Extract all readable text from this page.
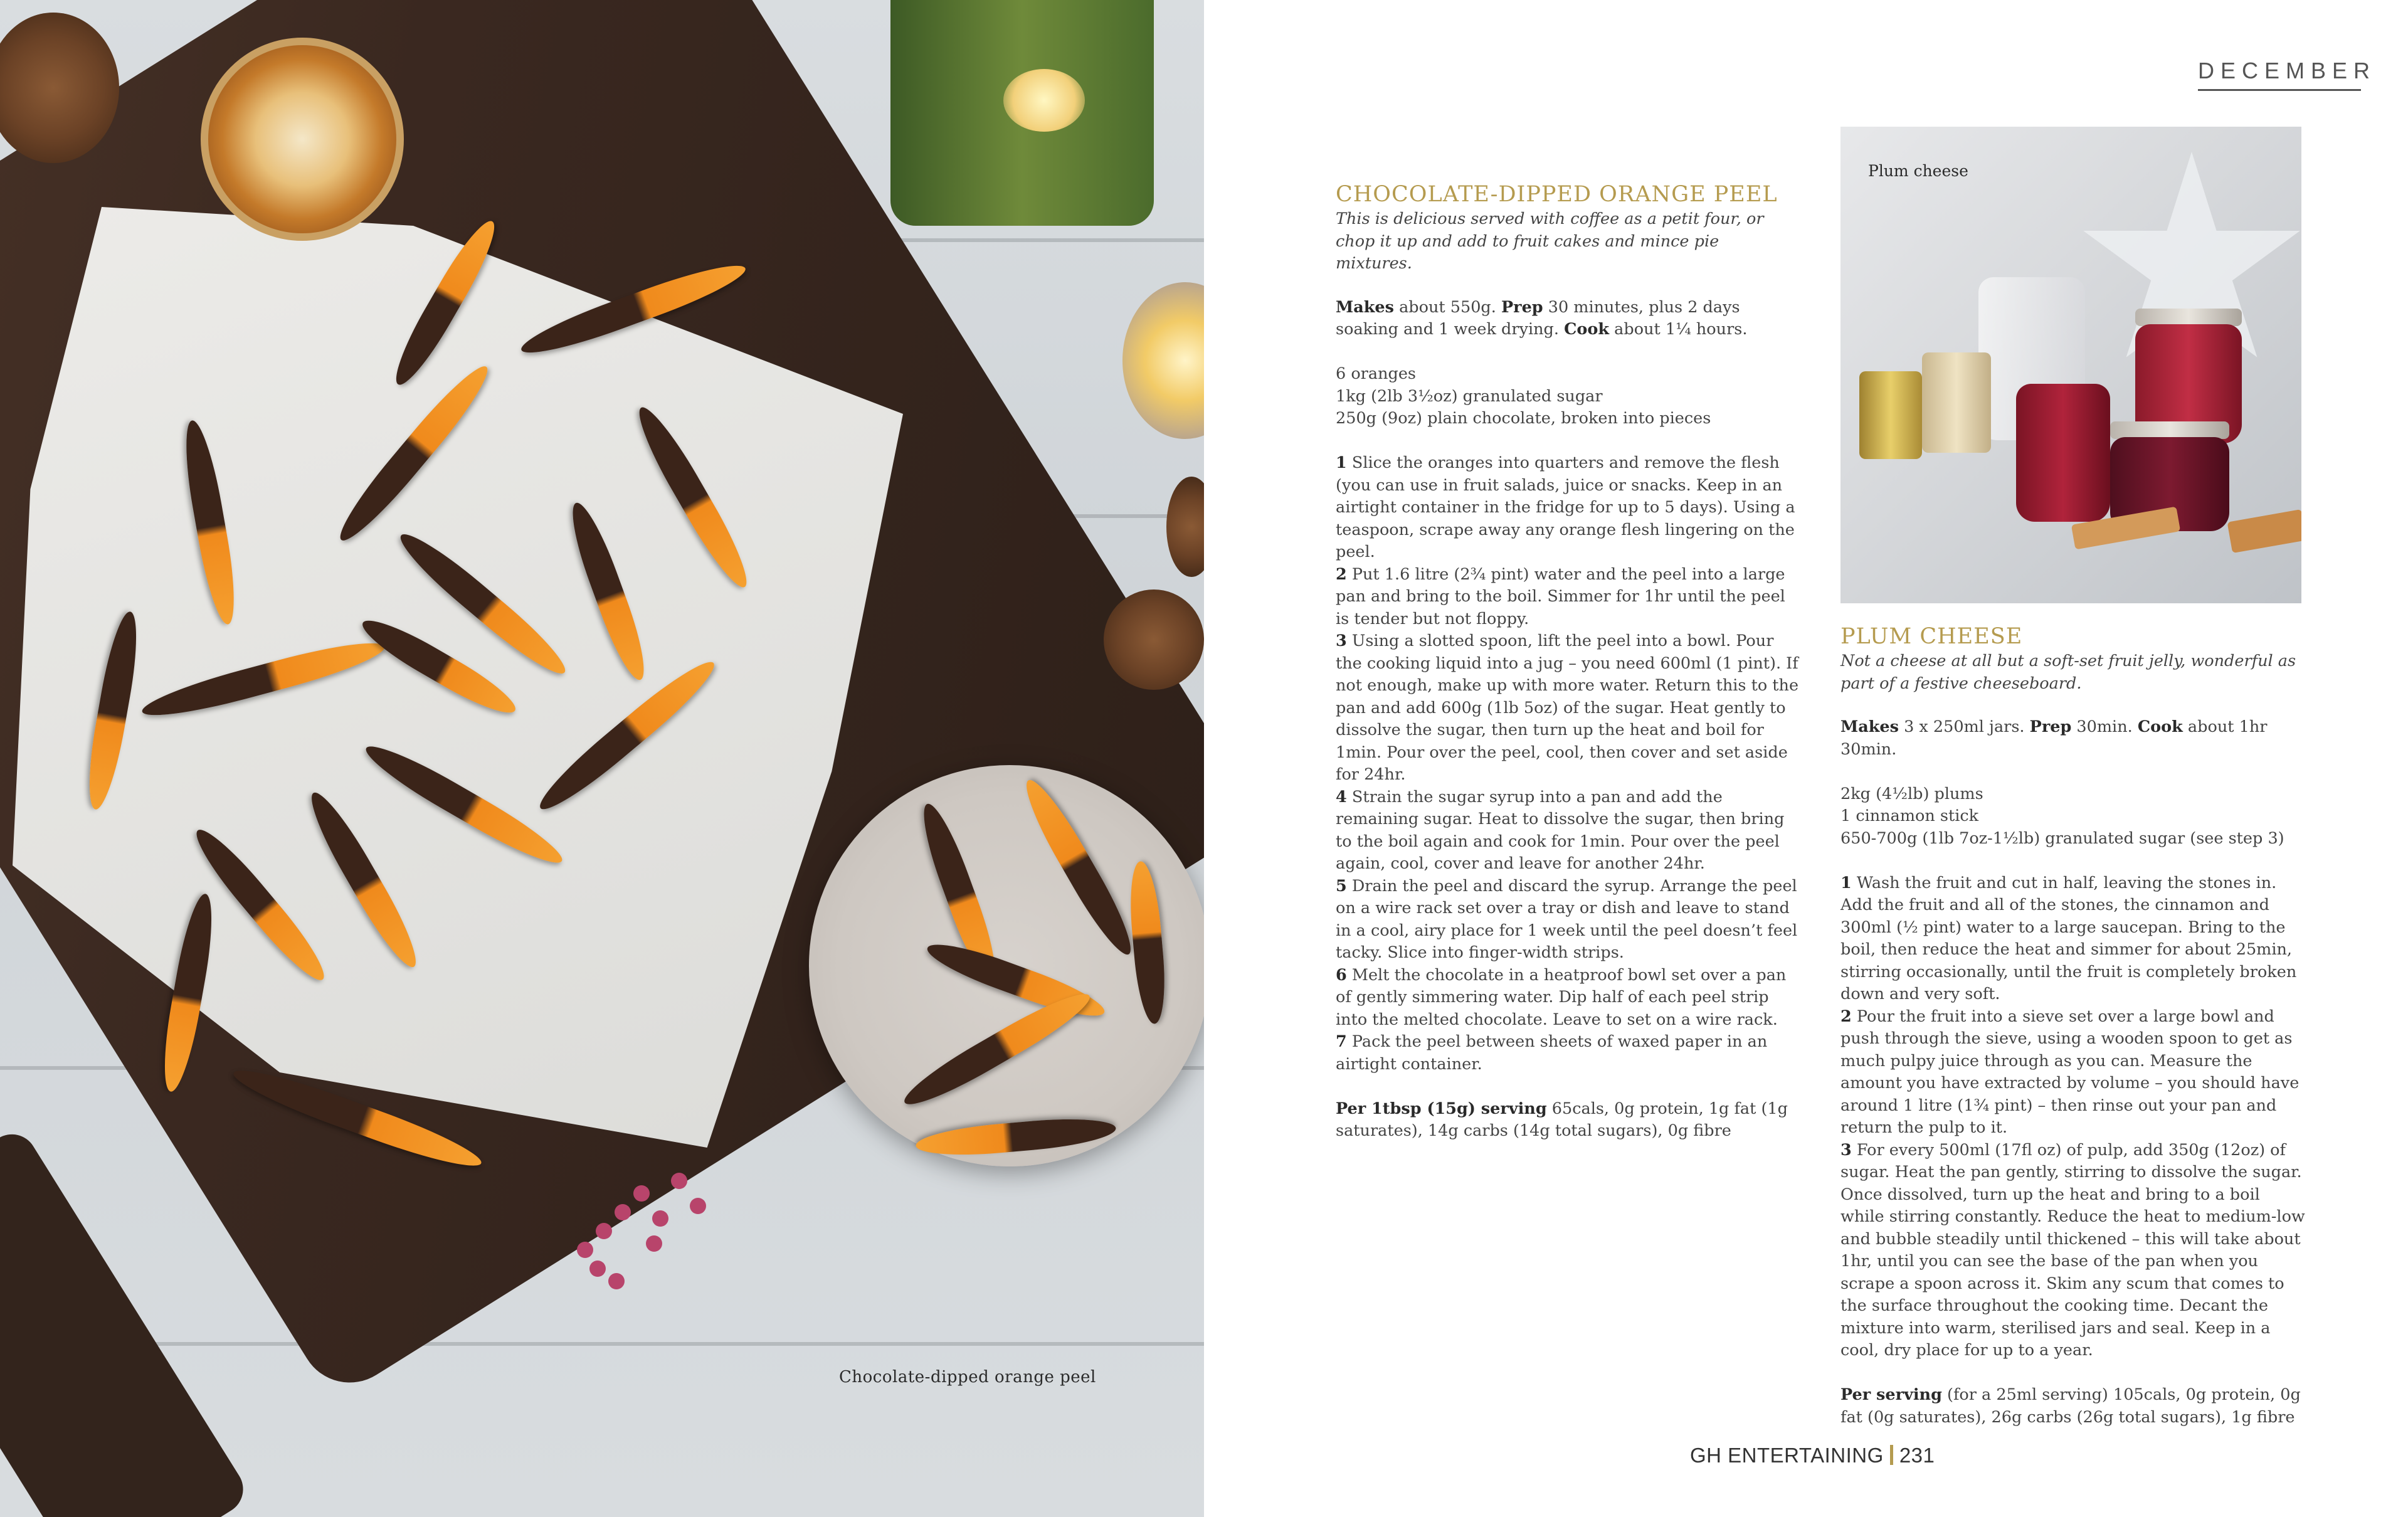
Chocolate-dipped orange peel
DECEMBER
CHOCOLATE-DIPPED ORANGE PEEL

This is delicious served with coffee as a petit four, or chop it up and add to fruit cakes and mince pie mixtures.

Makes about 550g. Prep 30 minutes, plus 2 days soaking and 1 week drying. Cook about 1¼ hours.

6 oranges

1kg (2lb 3½oz) granulated sugar

250g (9oz) plain chocolate, broken into pieces

1 Slice the oranges into quarters and remove the flesh (you can use in fruit salads, juice or snacks. Keep in an airtight container in the fridge for up to 5 days). Using a teaspoon, scrape away any orange flesh lingering on the peel.

2 Put 1.6 litre (2¾ pint) water and the peel into a large pan and bring to the boil. Simmer for 1hr until the peel is tender but not floppy.

3 Using a slotted spoon, lift the peel into a bowl. Pour the cooking liquid into a jug – you need 600ml (1 pint). If not enough, make up with more water. Return this to the pan and add 600g (1lb 5oz) of the sugar. Heat gently to dissolve the sugar, then turn up the heat and boil for 1min. Pour over the peel, cool, then cover and set aside for 24hr.

4 Strain the sugar syrup into a pan and add the remaining sugar. Heat to dissolve the sugar, then bring to the boil again and cook for 1min. Pour over the peel again, cool, cover and leave for another 24hr.

5 Drain the peel and discard the syrup. Arrange the peel on a wire rack set over a tray or dish and leave to stand in a cool, airy place for 1 week until the peel doesn’t feel tacky. Slice into finger-width strips.

6 Melt the chocolate in a heatproof bowl set over a pan of gently simmering water. Dip half of each peel strip into the melted chocolate. Leave to set on a wire rack.

7 Pack the peel between sheets of waxed paper in an airtight container.

Per 1tbsp (15g) serving 65cals, 0g protein, 1g fat (1g saturates), 14g carbs (14g total sugars), 0g fibre

Plum cheese
PLUM CHEESE

Not a cheese at all but a soft-set fruit jelly, wonderful as part of a festive cheeseboard.

Makes 3 x 250ml jars. Prep 30min. Cook about 1hr 30min.

2kg (4½lb) plums

1 cinnamon stick

650-700g (1lb 7oz-1½lb) granulated sugar (see step 3)

1 Wash the fruit and cut in half, leaving the stones in. Add the fruit and all of the stones, the cinnamon and 300ml (½ pint) water to a large saucepan. Bring to the boil, then reduce the heat and simmer for about 25min, stirring occasionally, until the fruit is completely broken down and very soft.

2 Pour the fruit into a sieve set over a large bowl and push through the sieve, using a wooden spoon to get as much pulpy juice through as you can. Measure the amount you have extracted by volume – you should have around 1 litre (1¾ pint) – then rinse out your pan and return the pulp to it.

3 For every 500ml (17fl oz) of pulp, add 350g (12oz) of sugar. Heat the pan gently, stirring to dissolve the sugar. Once dissolved, turn up the heat and bring to a boil while stirring constantly. Reduce the heat to medium-low and bubble steadily until thickened – this will take about 1hr, until you can see the base of the pan when you scrape a spoon across it. Skim any scum that comes to the surface throughout the cooking time. Decant the mixture into warm, sterilised jars and seal. Keep in a cool, dry place for up to a year.

Per serving (for a 25ml serving) 105cals, 0g protein, 0g fat (0g saturates), 26g carbs (26g total sugars), 1g fibre

GH ENTERTAINING 231
